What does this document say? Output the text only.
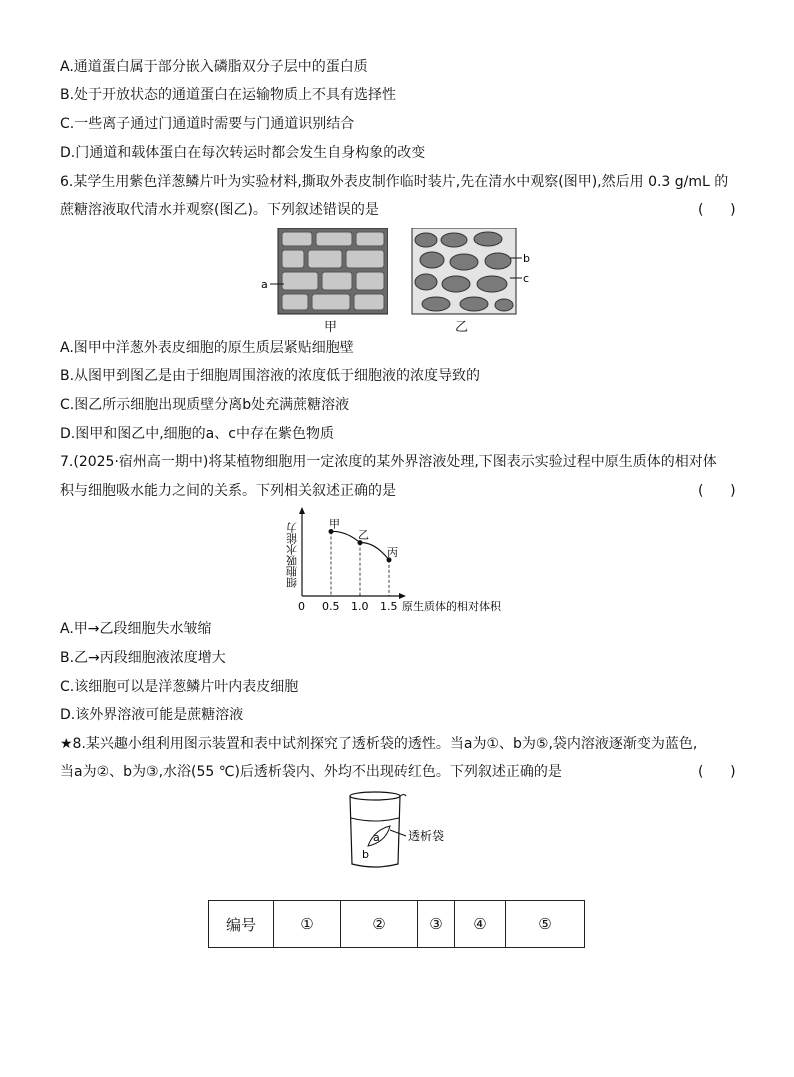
A.通道蛋白属于部分嵌入磷脂双分子层中的蛋白质
B.处于开放状态的通道蛋白在运输物质上不具有选择性
C.一些离子通过门通道时需要与门通道识别结合
D.门通道和载体蛋白在每次转运时都会发生自身构象的改变
6.某学生用紫色洋葱鳞片叶为实验材料,撕取外表皮制作临时装片,先在清水中观察(图甲),然后用 0.3 g/mL 的
蔗糖溶液取代清水并观察(图乙)。下列叙述错误的是	(      )
a
甲
b
c
乙
A.图甲中洋葱外表皮细胞的原生质层紧贴细胞壁
B.从图甲到图乙是由于细胞周围溶液的浓度低于细胞液的浓度导致的
C.图乙所示细胞出现质壁分离b处充满蔗糖溶液
D.图甲和图乙中,细胞的a、c中存在紫色物质
7.(2025·宿州高一期中)将某植物细胞用一定浓度的某外界溶液处理,下图表示实验过程中原生质体的相对体
积与细胞吸水能力之间的关系。下列相关叙述正确的是	(      )
细胞吸水能力
0	原生质体的相对体积
甲
0.5
乙
1.0
丙
1.5
A.甲→乙段细胞失水皱缩
B.乙→丙段细胞液浓度增大
C.该细胞可以是洋葱鳞片叶内表皮细胞
D.该外界溶液可能是蔗糖溶液
★8.某兴趣小组利用图示装置和表中试剂探究了透析袋的透性。当a为①、b为⑤,袋内溶液逐渐变为蓝色,
当a为②、b为③,水浴(55 ℃)后透析袋内、外均不出现砖红色。下列叙述正确的是	(      )
a
b
透析袋
编号	①	②	③	④	⑤
